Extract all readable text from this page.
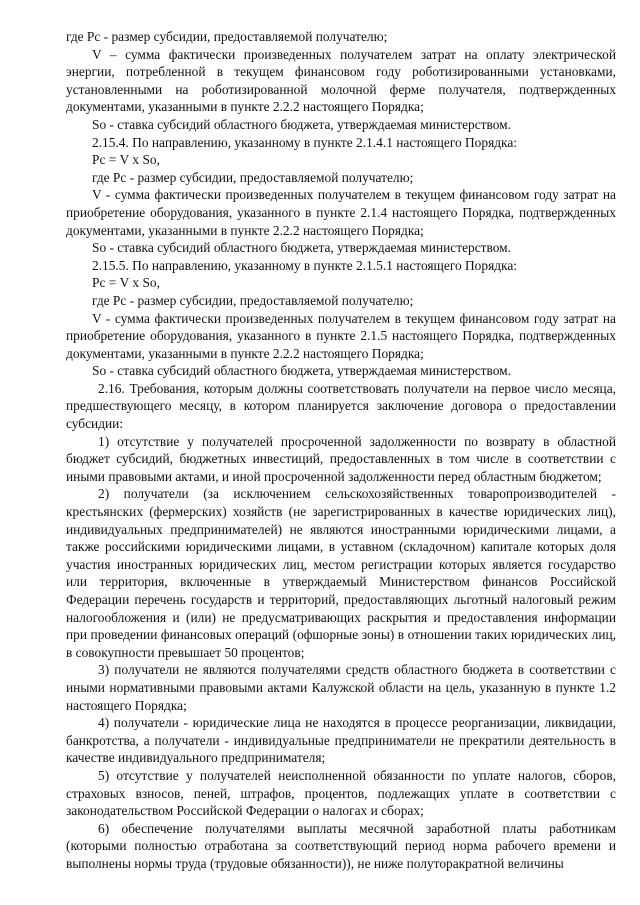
где Рс - размер субсидии, предоставляемой получателю;

V – сумма фактически произведенных получателем затрат на оплату электрической энергии, потребленной в текущем финансовом году роботизированными установками, установленными на роботизированной молочной ферме получателя, подтвержденных документами, указанными в пункте 2.2.2 настоящего Порядка;

So - ставка субсидий областного бюджета, утверждаемая министерством.

2.15.4. По направлению, указанному в пункте 2.1.4.1 настоящего Порядка:

Рс = V x So,

где Рс - размер субсидии, предоставляемой получателю;

V - сумма фактически произведенных получателем в текущем финансовом году затрат на приобретение оборудования, указанного в пункте 2.1.4 настоящего Порядка, подтвержденных документами, указанными в пункте 2.2.2 настоящего Порядка;

So - ставка субсидий областного бюджета, утверждаемая министерством.

2.15.5. По направлению, указанному в пункте 2.1.5.1 настоящего Порядка:

Рс = V x So,

где Рс - размер субсидии, предоставляемой получателю;

V - сумма фактически произведенных получателем в текущем финансовом году затрат на приобретение оборудования, указанного в пункте 2.1.5 настоящего Порядка, подтвержденных документами, указанными в пункте 2.2.2 настоящего Порядка;

So - ставка субсидий областного бюджета, утверждаемая министерством.

2.16. Требования, которым должны соответствовать получатели на первое число месяца, предшествующего месяцу, в котором планируется заключение договора о предоставлении субсидии:

1) отсутствие у получателей просроченной задолженности по возврату в областной бюджет субсидий, бюджетных инвестиций, предоставленных в том числе в соответствии с иными правовыми актами, и иной просроченной задолженности перед областным бюджетом;

2) получатели (за исключением сельскохозяйственных товаропроизводителей - крестьянских (фермерских) хозяйств (не зарегистрированных в качестве юридических лиц), индивидуальных предпринимателей) не являются иностранными юридическими лицами, а также российскими юридическими лицами, в уставном (складочном) капитале которых доля участия иностранных юридических лиц, местом регистрации которых является государство или территория, включенные в утверждаемый Министерством финансов Российской Федерации перечень государств и территорий, предоставляющих льготный налоговый режим налогообложения и (или) не предусматривающих раскрытия и предоставления информации при проведении финансовых операций (офшорные зоны) в отношении таких юридических лиц, в совокупности превышает 50 процентов;

3) получатели не являются получателями средств областного бюджета в соответствии с иными нормативными правовыми актами Калужской области на цель, указанную в пункте 1.2 настоящего Порядка;

4) получатели - юридические лица не находятся в процессе реорганизации, ликвидации, банкротства, а получатели - индивидуальные предприниматели не прекратили деятельность в качестве индивидуального предпринимателя;

5) отсутствие у получателей неисполненной обязанности по уплате налогов, сборов, страховых взносов, пеней, штрафов, процентов, подлежащих уплате в соответствии с законодательством Российской Федерации о налогах и сборах;

6) обеспечение получателями выплаты месячной заработной платы работникам (которыми полностью отработана за соответствующий период норма рабочего времени и выполнены нормы труда (трудовые обязанности)), не ниже полуторакратной величины
